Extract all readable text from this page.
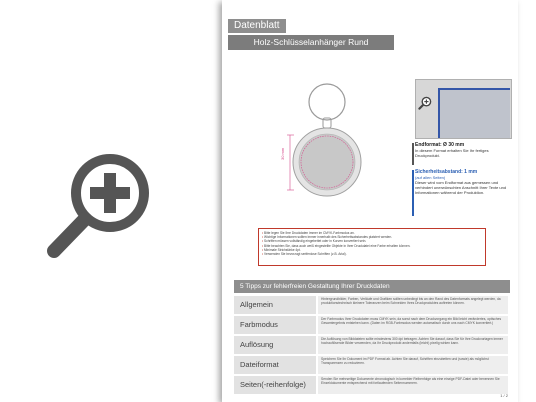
Datenblatt
Holz-Schlüsselanhänger Rund
30 mm
Endformat: Ø 30 mm
In diesem Format erhalten Sie Ihr fertiges Druckprodukt.
Sicherheitsabstand: 1 mm
(auf allen Seiten)
Dieser wird vom Endformat aus gemessen und verhindert unerwünschten Anschnitt Ihrer Texte und Informationen während der Produktion.
• Bitte legen Sie Ihre Druckdaten immer im CMYK-Farbmodus an.
• Wichtige Informationen sollten immer innerhalb des Sicherheitsabstandes platziert werden.
• Schriften müssen vollständig eingebettet oder in Kurven konvertiert sein.
• Bitte beachten Sie, dass auch weiß eingestellte Objekte in Ihrer Druckdatei eine Farbe erhalten können.
• Minimale Strichstärke 4pt.
• Verwenden Sie bevorzugt serifenlose Schriften (z.B. Arial).
5 Tipps zur fehlerfreien Gestaltung Ihrer Druckdaten
Allgemein
Hintergrundbilder, Farben, Verläufe und Grafiken sollten unbedingt bis an den Rand des Datenformats angelegt werden, da produktionstechnisch kleinere Toleranzen beim Schneiden Ihres Druckproduktes auftreten können.
Farbmodus
Der Farbmodus Ihrer Druckdaten muss CMYK sein, da sonst nach dem Druckvorgang ein Bild leicht verändertes, optisches Gesamtergebnis entstehen kann. (Daten im RGB-Farbmodus werden automatisch durch uns nach CMYK konvertiert.)
Auflösung
Die Auflösung von Bilddateien sollte mindestens 300 dpi betragen. Achten Sie darauf, dass Sie für Ihre Druckvorlagen immer hochauflösende Bilder verwenden, da Ihr Druckprodukt andernfalls (leicht) pixelig wirken kann.
Dateiformat
Speichern Sie Ihr Dokument im PDF Format ab. Achten Sie darauf, Schriften einzubetten und (sowie) als möglichst Transparenzen zu reduzieren.
Seiten(-reihenfolge)
Senden Sie mehrseitige Dokumente chronologisch in korrekter Reihenfolge als eine einzige PDF-Datei oder benennen Sie Einzeldokumente entsprechend mit fortlaufenden Seitennummern.
1 / 2
